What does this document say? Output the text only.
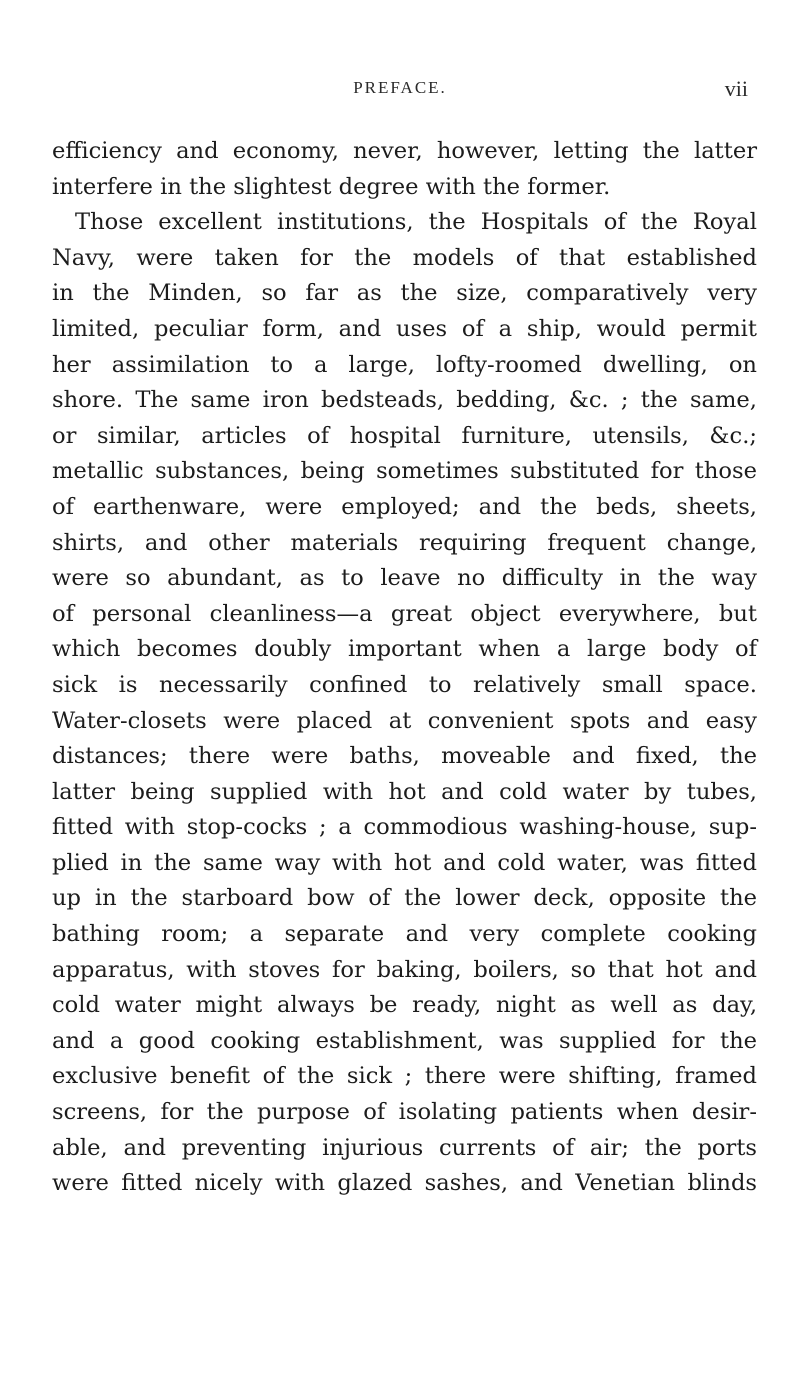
PREFACE.	vii
efficiency and economy, never, however, letting the latter
interfere in the slightest degree with the former.
Those excellent institutions, the Hospitals of the Royal
Navy, were taken for the models of that established
in the Minden, so far as the size, comparatively very
limited, peculiar form, and uses of a ship, would permit
her assimilation to a large, lofty-roomed dwelling, on
shore. The same iron bedsteads, bedding, &c. ; the same,
or similar, articles of hospital furniture, utensils, &c.;
metallic substances, being sometimes substituted for those
of earthenware, were employed; and the beds, sheets,
shirts, and other materials requiring frequent change,
were so abundant, as to leave no difficulty in the way
of personal cleanliness—a great object everywhere, but
which becomes doubly important when a large body of
sick is necessarily confined to relatively small space.
Water-closets were placed at convenient spots and easy
distances; there were baths, moveable and fixed, the
latter being supplied with hot and cold water by tubes,
fitted with stop-cocks ; a commodious washing-house, sup-
plied in the same way with hot and cold water, was fitted
up in the starboard bow of the lower deck, opposite the
bathing room; a separate and very complete cooking
apparatus, with stoves for baking, boilers, so that hot and
cold water might always be ready, night as well as day,
and a good cooking establishment, was supplied for the
exclusive benefit of the sick ; there were shifting, framed
screens, for the purpose of isolating patients when desir-
able, and preventing injurious currents of air; the ports
were fitted nicely with glazed sashes, and Venetian blinds
